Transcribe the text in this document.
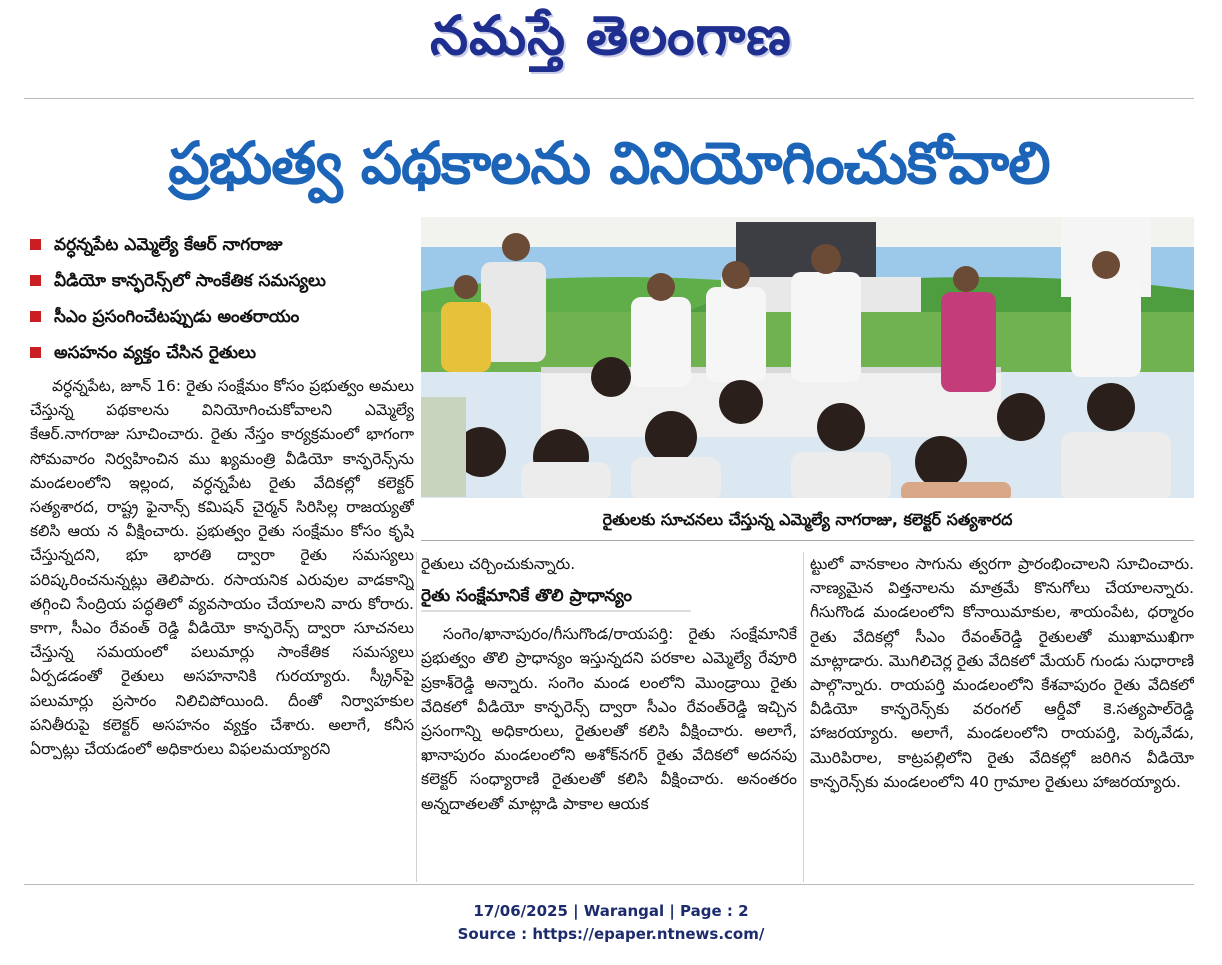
నమస్తే తెలంగాణ
ప్రభుత్వ పథకాలను వినియోగించుకోవాలి
వర్ధన్నపేట ఎమ్మెల్యే కేఆర్ నాగరాజు
వీడియో కాన్ఫరెన్స్‌లో సాంకేతిక సమస్యలు
సీఎం ప్రసంగించేటప్పుడు అంతరాయం
అసహనం వ్యక్తం చేసిన రైతులు
రైతులకు సూచనలు చేస్తున్న ఎమ్మెల్యే నాగరాజు, కలెక్టర్ సత్యశారద

వర్ధన్నపేట, జూన్ 16: రైతు సంక్షేమం కోసం ప్రభుత్వం అమలు చేస్తున్న పథకాలను వినియోగించుకోవాలని ఎమ్మెల్యే కేఆర్.నాగరాజు సూచించారు. రైతు నేస్తం కార్యక్రమంలో భాగంగా సోమవారం నిర్వహించిన ము ఖ్యమంత్రి వీడియో కాన్ఫరెన్స్‌ను మండలంలోని ఇల్లంద, వర్ధన్నపేట రైతు వేదికల్లో కలెక్టర్ సత్యశారద, రాష్ట్ర ఫైనాన్స్ కమిషన్ చైర్మన్ సిరిసిల్ల రాజయ్యతో కలిసి ఆయ న వీక్షించారు. ప్రభుత్వం రైతు సంక్షేమం కోసం కృషి చేస్తున్నదని, భూ భారతి ద్వారా రైతు సమస్యలు పరిష్కరించనున్నట్లు తెలిపారు. రసాయనిక ఎరువుల వాడకాన్ని తగ్గించి సేంద్రియ పద్ధతిలో వ్యవసాయం చేయాలని వారు కోరారు. కాగా, సీఎం రేవంత్ రెడ్డి వీడియో కాన్ఫరెన్స్ ద్వారా సూచనలు చేస్తున్న సమయంలో పలుమార్లు సాంకేతిక సమస్యలు ఏర్పడడంతో రైతులు అసహనానికి గురయ్యారు. స్క్రీన్‌పై పలుమార్లు ప్రసారం నిలిచిపోయింది. దీంతో నిర్వాహకుల పనితీరుపై కలెక్టర్ అసహనం వ్యక్తం చేశారు. అలాగే, కనీస ఏర్పాట్లు చేయడంలో అధికారులు విఫలమయ్యారని

రైతులు చర్చించుకున్నారు.

రైతు సంక్షేమానికే తొలి ప్రాధాన్యం

సంగెం/ఖానాపురం/గీసుగొండ/రాయపర్తి: రైతు సంక్షేమానికే ప్రభుత్వం తొలి ప్రాధాన్యం ఇస్తున్నదని పరకాల ఎమ్మెల్యే రేవూరి ప్రకాశ్‌రెడ్డి అన్నారు. సంగెం మండ లంలోని మొండ్రాయి రైతు వేదికలో వీడియో కాన్ఫరెన్స్ ద్వారా సీఎం రేవంత్‌రెడ్డి ఇచ్చిన ప్రసంగాన్ని అధికారులు, రైతులతో కలిసి వీక్షించారు. అలాగే, ఖానాపురం మండలంలోని అశోక్‌నగర్ రైతు వేదికలో అదనపు కలెక్టర్ సంధ్యారాణి రైతులతో కలిసి వీక్షించారు. అనంతరం అన్నదాతలతో మాట్లాడి పాకాల ఆయక

ట్టులో వానకాలం సాగును త్వరగా ప్రారంభించాలని సూచించారు. నాణ్యమైన విత్తనాలను మాత్రమే కొనుగోలు చేయాలన్నారు. గీసుగొండ మండలంలోని కోనాయిమాకుల, శాయంపేట, ధర్మారం రైతు వేదికల్లో సీఎం రేవంత్‌రెడ్డి రైతులతో ముఖాముఖిగా మాట్లాడారు. మొగిలిచెర్ల రైతు వేదికలో మేయర్ గుండు సుధారాణి పాల్గొన్నారు. రాయపర్తి మండలంలోని కేశవాపురం రైతు వేదికలో వీడియో కాన్ఫరెన్స్‌కు వరంగల్ ఆర్డీవో కె.సత్యపాల్‌రెడ్డి హాజరయ్యారు. అలాగే, మండలంలోని రాయపర్తి, పెర్కవేడు, మొరిపిరాల, కాట్రపల్లిలోని రైతు వేదికల్లో జరిగిన వీడియో కాన్ఫరెన్స్‌కు మండలంలోని 40 గ్రామాల రైతులు హాజరయ్యారు.

17/06/2025 | Warangal | Page : 2
Source : https://epaper.ntnews.com/
